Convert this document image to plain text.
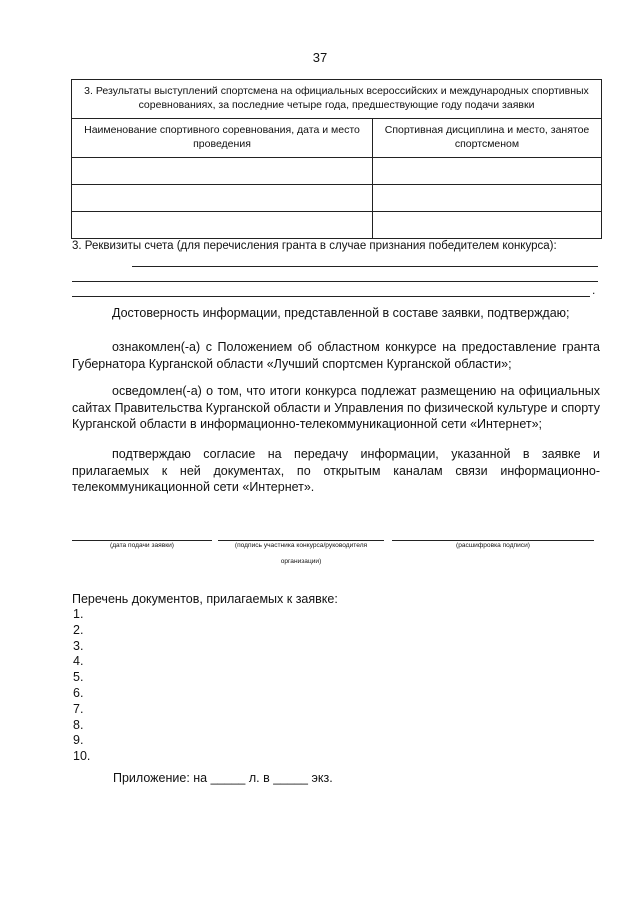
37
3. Результаты выступлений спортсмена на официальных всероссийских и международных спортивных соревнованиях, за последние четыре года, предшествующие году подачи заявки	
Наименование спортивного соревнования, дата и место проведения	Спортивная дисциплина и место, занятое спортсменом

3. Реквизиты счета (для перечисления гранта в случае признания победителем конкурса):
.
Достоверность информации, представленной в составе заявки, подтверждаю;
ознакомлен(-а) с Положением об областном конкурсе на предоставление гранта Губернатора Курганской области «Лучший спортсмен Курганской области»;
осведомлен(-а) о том, что итоги конкурса подлежат размещению на официальных сайтах Правительства Курганской области и Управления по физической культуре и спорту Курганской области в информационно-телекоммуникационной сети «Интернет»;
подтверждаю согласие на передачу информации, указанной в заявке и прилагаемых к ней документах, по открытым каналам связи информационно-телекоммуникационной сети «Интернет».
(дата подачи заявки)	(подпись участника конкурса/руководителя
организации)
(расшифровка подписи)
Перечень документов, прилагаемых к заявке:
1.
2.
3.
4.
5.
6.
7.
8.
9.
10.
Приложение: на _____ л. в _____ экз.
